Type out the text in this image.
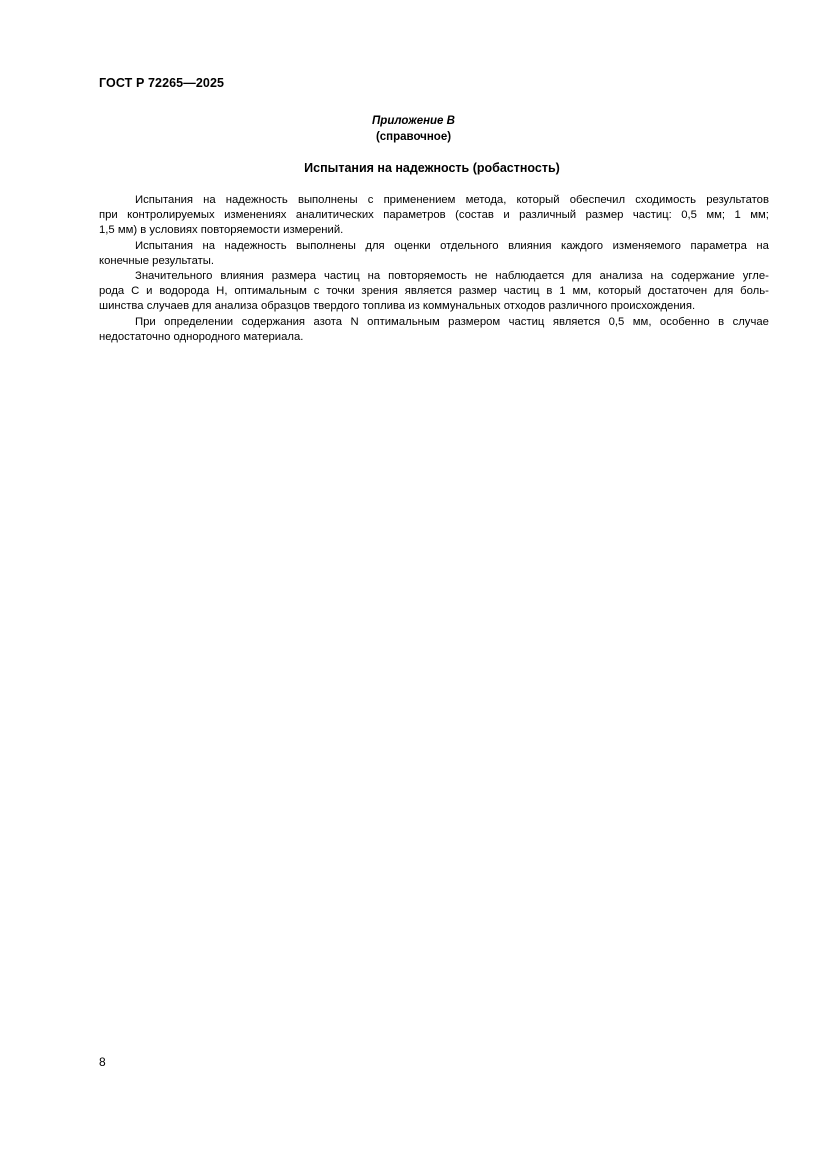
ГОСТ Р 72265—2025
Приложение В
(справочное)
Испытания на надежность (робастность)
Испытания на надежность выполнены с применением метода, который обеспечил сходимость результатов
при контролируемых изменениях аналитических параметров (состав и различный размер частиц: 0,5 мм; 1 мм;
1,5 мм) в условиях повторяемости измерений.
Испытания на надежность выполнены для оценки отдельного влияния каждого изменяемого параметра на
конечные результаты.
Значительного влияния размера частиц на повторяемость не наблюдается для анализа на содержание угле-
рода C и водорода H, оптимальным с точки зрения является размер частиц в 1 мм, который достаточен для боль-
шинства случаев для анализа образцов твердого топлива из коммунальных отходов различного происхождения.
При определении содержания азота N оптимальным размером частиц является 0,5 мм, особенно в случае
недостаточно однородного материала.
8
